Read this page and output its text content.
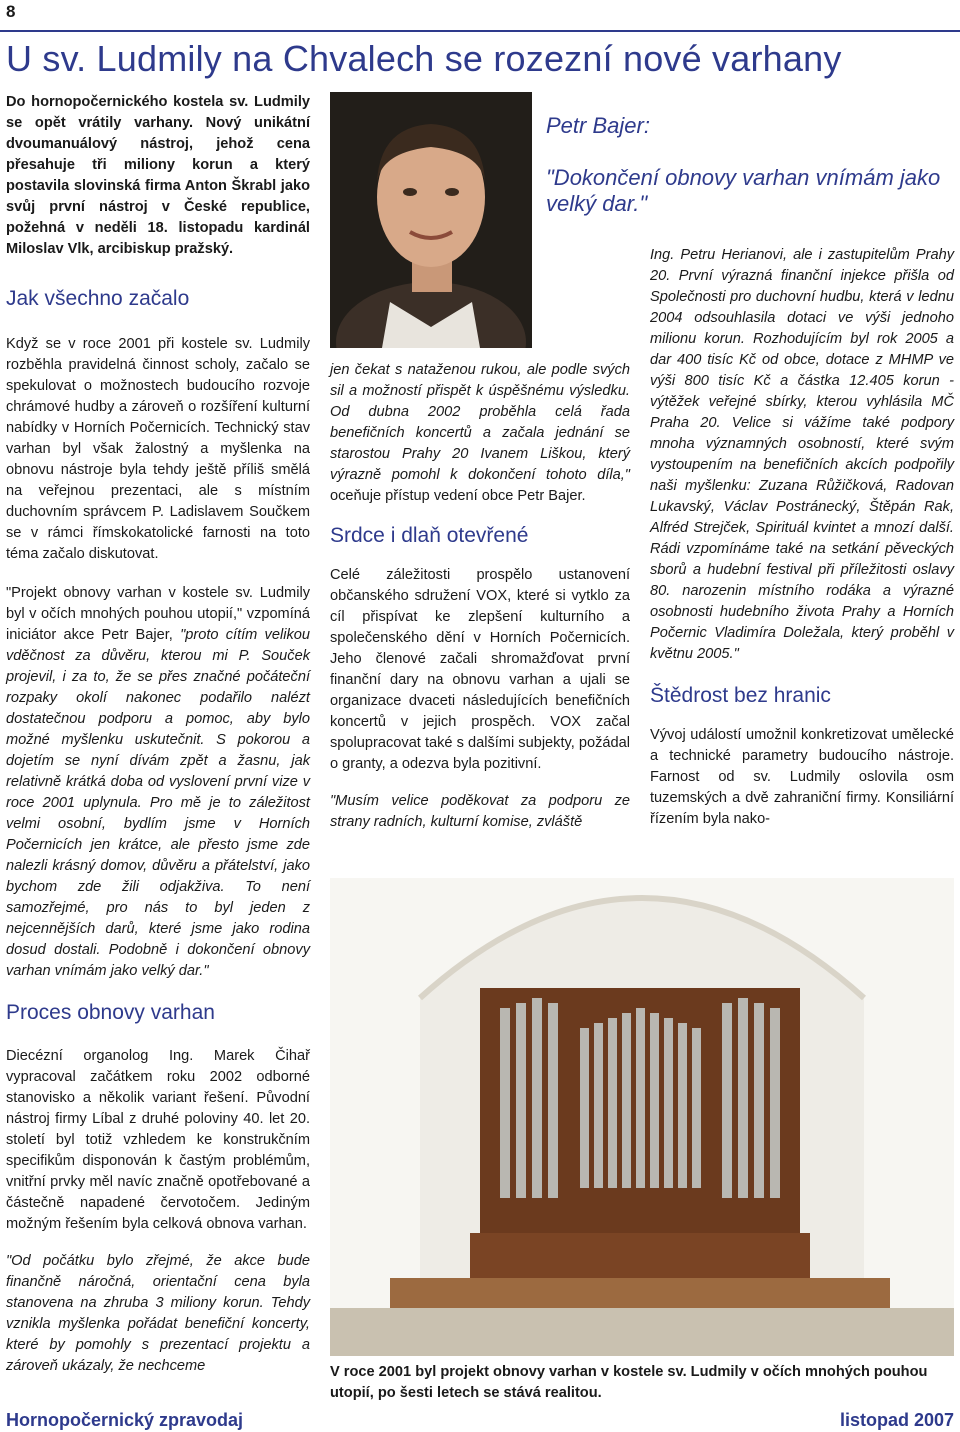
8
U sv. Ludmily na Chvalech se rozezní nové varhany

Do hornopočernického kostela sv. Ludmily se opět vrátily varhany. Nový unikátní dvoumanuálový nástroj, jehož cena přesahuje tři miliony korun a který postavila slovinská firma Anton Škrabl jako svůj první nástroj v České republice, požehná v neděli 18. listopadu kardinál Miloslav Vlk, arcibiskup pražský.

Jak všechno začalo

Když se v roce 2001 při kostele sv. Ludmily rozběhla pravidelná činnost scholy, začalo se spekulovat o možnostech budoucího rozvoje chrámové hudby a zároveň o rozšíření kulturní nabídky v Horních Počernicích. Technický stav varhan byl však žalostný a myšlenka na obnovu nástroje byla tehdy ještě příliš smělá na veřejnou prezentaci, ale s místním duchovním správcem P. Ladislavem Součkem se v rámci římskokatolické farnosti na toto téma začalo diskutovat.

"Projekt obnovy varhan v kostele sv. Ludmily byl v očích mnohých pouhou utopií," vzpomíná iniciátor akce Petr Bajer, "proto cítím velikou vděčnost za důvěru, kterou mi P. Souček projevil, i za to, že se přes značné počáteční rozpaky okolí nakonec podařilo nalézt dostatečnou podporu a pomoc, aby bylo možné myšlenku uskutečnit. S pokorou a dojetím se nyní dívám zpět a žasnu, jak relativně krátká doba od vyslovení první vize v roce 2001 uplynula. Pro mě je to záležitost velmi osobní, bydlím jsme v Horních Počernicích jen krátce, ale přesto jsme zde nalezli krásný domov, důvěru a přátelství, jako bychom zde žili odjakživa. To není samozřejmé, pro nás to byl jeden z nejcennějších darů, které jsme jako rodina dosud dostali. Podobně i dokončení obnovy varhan vnímám jako velký dar."

Proces obnovy varhan

Diecézní organolog Ing. Marek Čihař vypracoval začátkem roku 2002 odborné stanovisko a několik variant řešení. Původní nástroj firmy Líbal z druhé poloviny 40. let 20. století byl totiž vzhledem ke konstrukčním specifikům disponován k častým problémům, vnitřní prvky měl navíc značně opotřebované a částečně napadené červotočem. Jediným možným řešením byla celková obnova varhan.

"Od počátku bylo zřejmé, že akce bude finančně náročná, orientační cena byla stanovena na zhruba 3 miliony korun. Tehdy vznikla myšlenka pořádat benefiční koncerty, které by pomohly s prezentací projektu a zároveň ukázaly, že nechceme

Petr Bajer:
"Dokončení obnovy varhan vnímám jako velký dar."

jen čekat s nataženou rukou, ale podle svých sil a možností přispět k úspěšnému výsledku. Od dubna 2002 proběhla celá řada benefičních koncertů a začala jednání se starostou Prahy 20 Ivanem Liškou, který výrazně pomohl k dokončení tohoto díla," oceňuje přístup vedení obce Petr Bajer.

Srdce i dlaň otevřené

Celé záležitosti prospělo ustanovení občanského sdružení VOX, které si vytklo za cíl přispívat ke zlepšení kulturního a společenského dění v Horních Počernicích. Jeho členové začali shromažďovat první finanční dary na obnovu varhan a ujali se organizace dvaceti následujících benefičních koncertů v jejich prospěch. VOX začal spolupracovat také s dalšími subjekty, požádal o granty, a odezva byla pozitivní.

"Musím velice poděkovat za podporu ze strany radních, kulturní komise, zvláště

Ing. Petru Herianovi, ale i zastupitelům Prahy 20. První výrazná finanční injekce přišla od Společnosti pro duchovní hudbu, která v lednu 2004 odsouhlasila dotaci ve výši jednoho milionu korun. Rozhodujícím byl rok 2005 a dar 400 tisíc Kč od obce, dotace z MHMP ve výši 800 tisíc Kč a částka 12.405 korun - výtěžek veřejné sbírky, kterou vyhlásila MČ Praha 20. Velice si vážíme také podpory mnoha významných osobností, které svým vystoupením na benefičních akcích podpořily naši myšlenku: Zuzana Růžičková, Radovan Lukavský, Václav Postránecký, Štěpán Rak, Alfréd Strejček, Spirituál kvintet a mnozí další. Rádi vzpomínáme také na setkání pěveckých sborů a hudební festival při příležitosti oslavy 80. narozenin místního rodáka a výrazné osobnosti hudebního života Prahy a Horních Počernic Vladimíra Doležala, který proběhl v květnu 2005."

Štědrost bez hranic

Vývoj událostí umožnil konkretizovat umělecké a technické parametry budoucího nástroje. Farnost od sv. Ludmily oslovila osm tuzemských a dvě zahraniční firmy. Konsiliární řízením byla nako-

V roce 2001 byl projekt obnovy varhan v kostele sv. Ludmily v očích mnohých pouhou utopií, po šesti letech se stává realitou.
Hornopočernický zpravodaj	listopad 2007
